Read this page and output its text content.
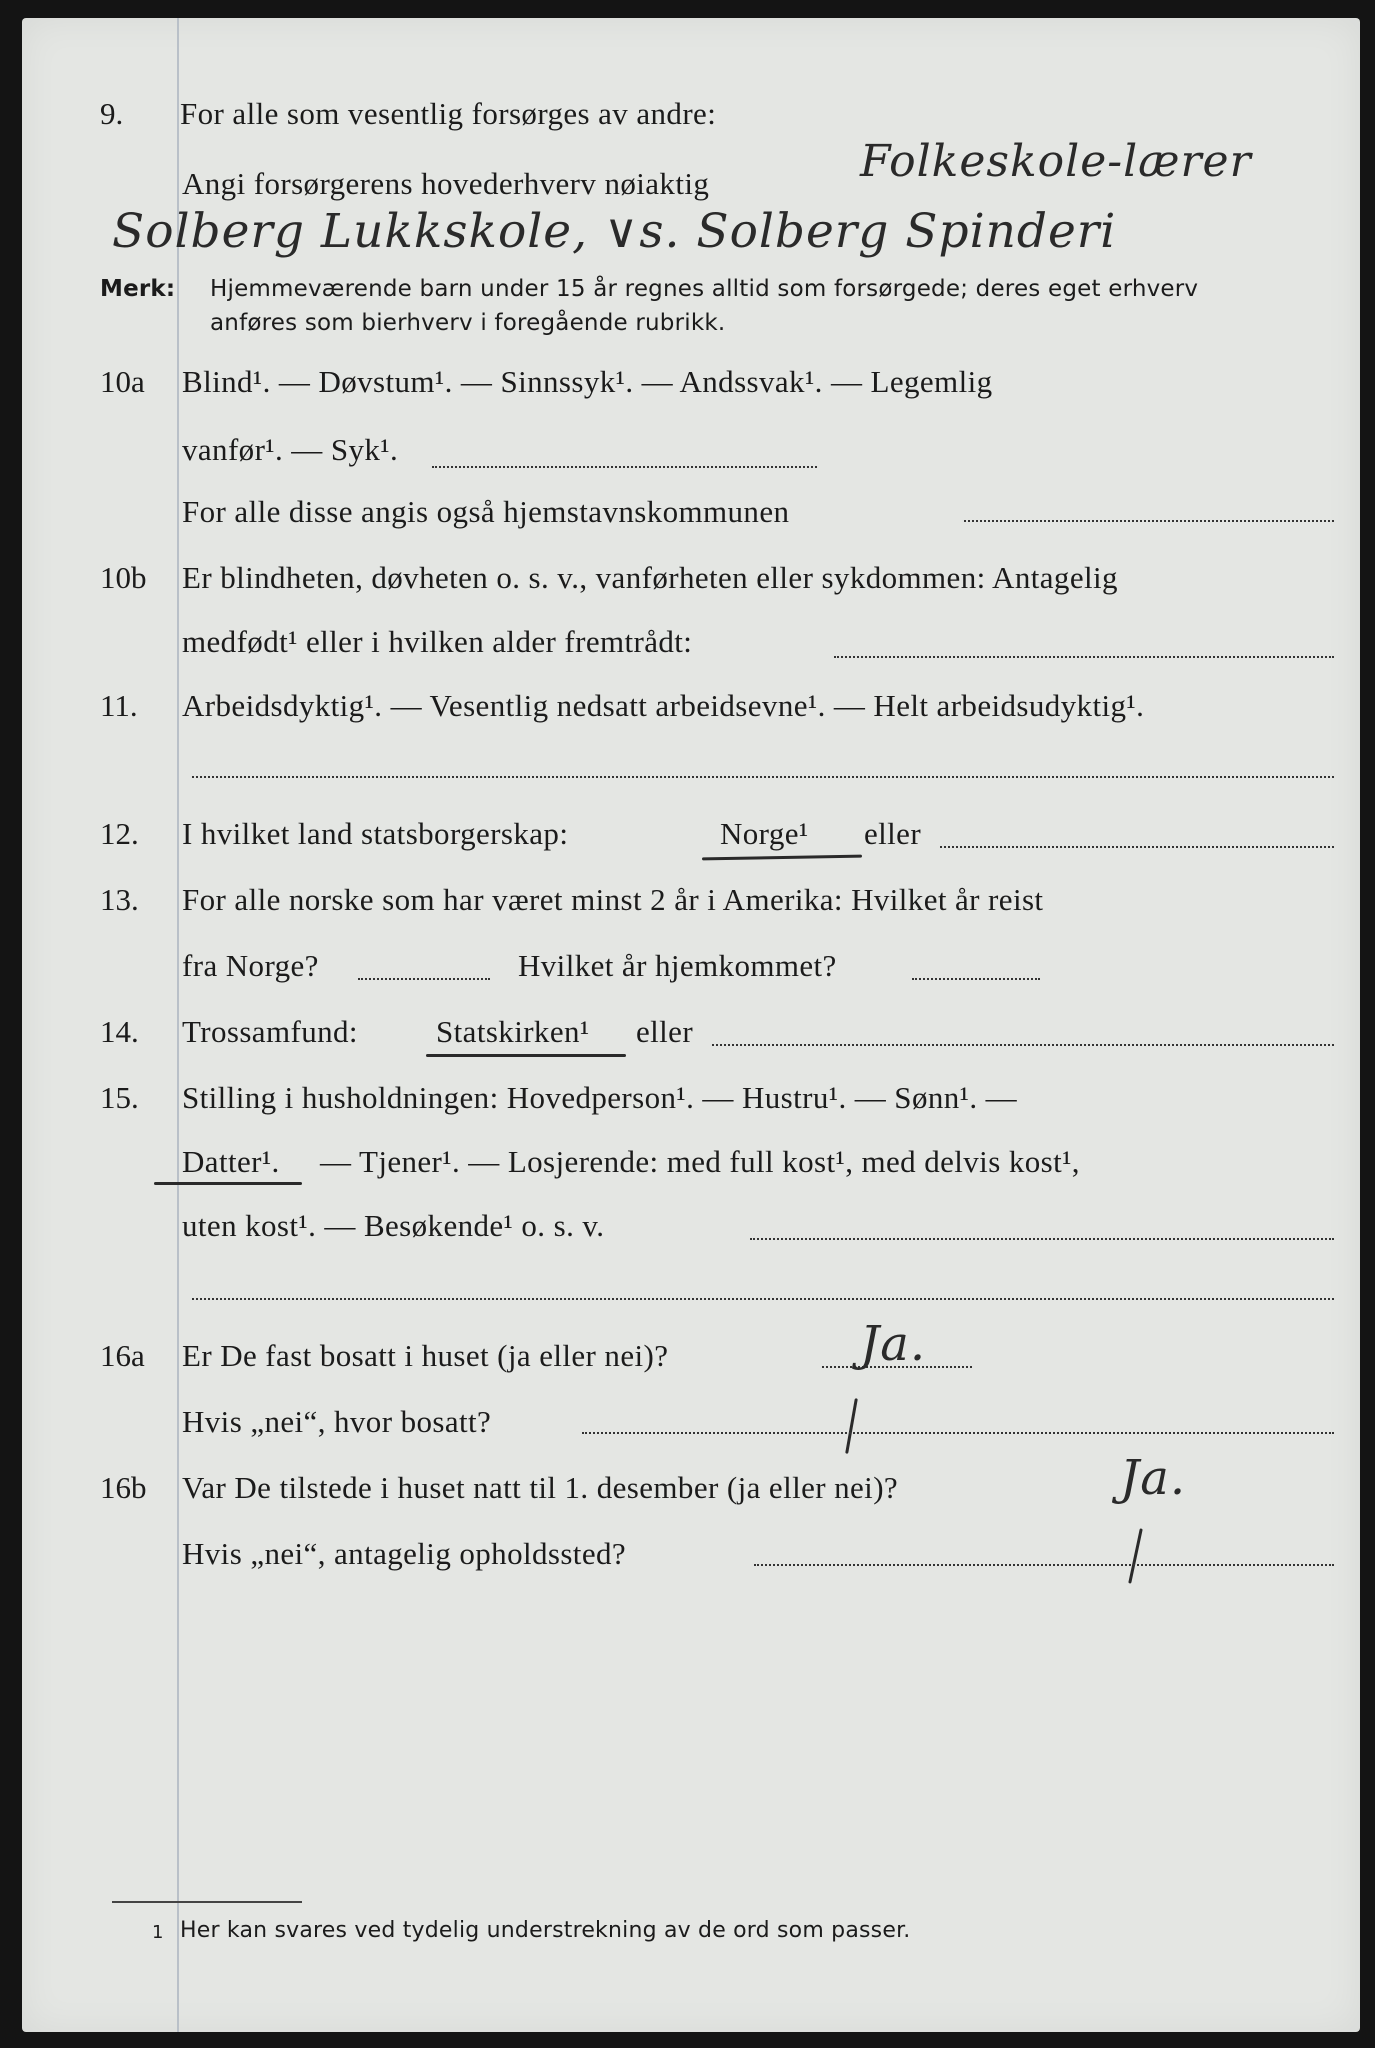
9. For alle som vesentlig forsørges av andre:
Folkeskole-lærer
Angi forsørgerens hovederhverv nøiaktig
Solberg Lukkskole, ∨s. Solberg Spinderi
Merk: Hjemmeværende barn under 15 år regnes alltid som forsørgede; deres eget erhverv
anføres som bierhverv i foregående rubrikk.
10a Blind¹. — Døvstum¹. — Sinnssyk¹. — Andssvak¹. — Legemlig
vanfør¹. — Syk¹.
For alle disse angis også hjemstavnskommunen
10b Er blindheten, døvheten o. s. v., vanførheten eller sykdommen: Antagelig
medfødt¹ eller i hvilken alder fremtrådt:
11. Arbeidsdyktig¹. — Vesentlig nedsatt arbeidsevne¹. — Helt arbeidsudyktig¹.
12. I hvilket land statsborgerskap:	Norge¹ eller
13. For alle norske som har været minst 2 år i Amerika: Hvilket år reist
fra Norge?	Hvilket år hjemkommet?
14. Trossamfund:	Statskirken¹ eller
15. Stilling i husholdningen: Hovedperson¹. — Hustru¹. — Sønn¹. —
Datter¹. — Tjener¹. — Losjerende: med full kost¹, med delvis kost¹,
uten kost¹. — Besøkende¹ o. s. v.
16a Er De fast bosatt i huset (ja eller nei)?	Ja.
Hvis „nei“, hvor bosatt?
16b Var De tilstede i huset natt til 1. desember (ja eller nei)?	Ja.
Hvis „nei“, antagelig opholdssted?
1 Her kan svares ved tydelig understrekning av de ord som passer.
